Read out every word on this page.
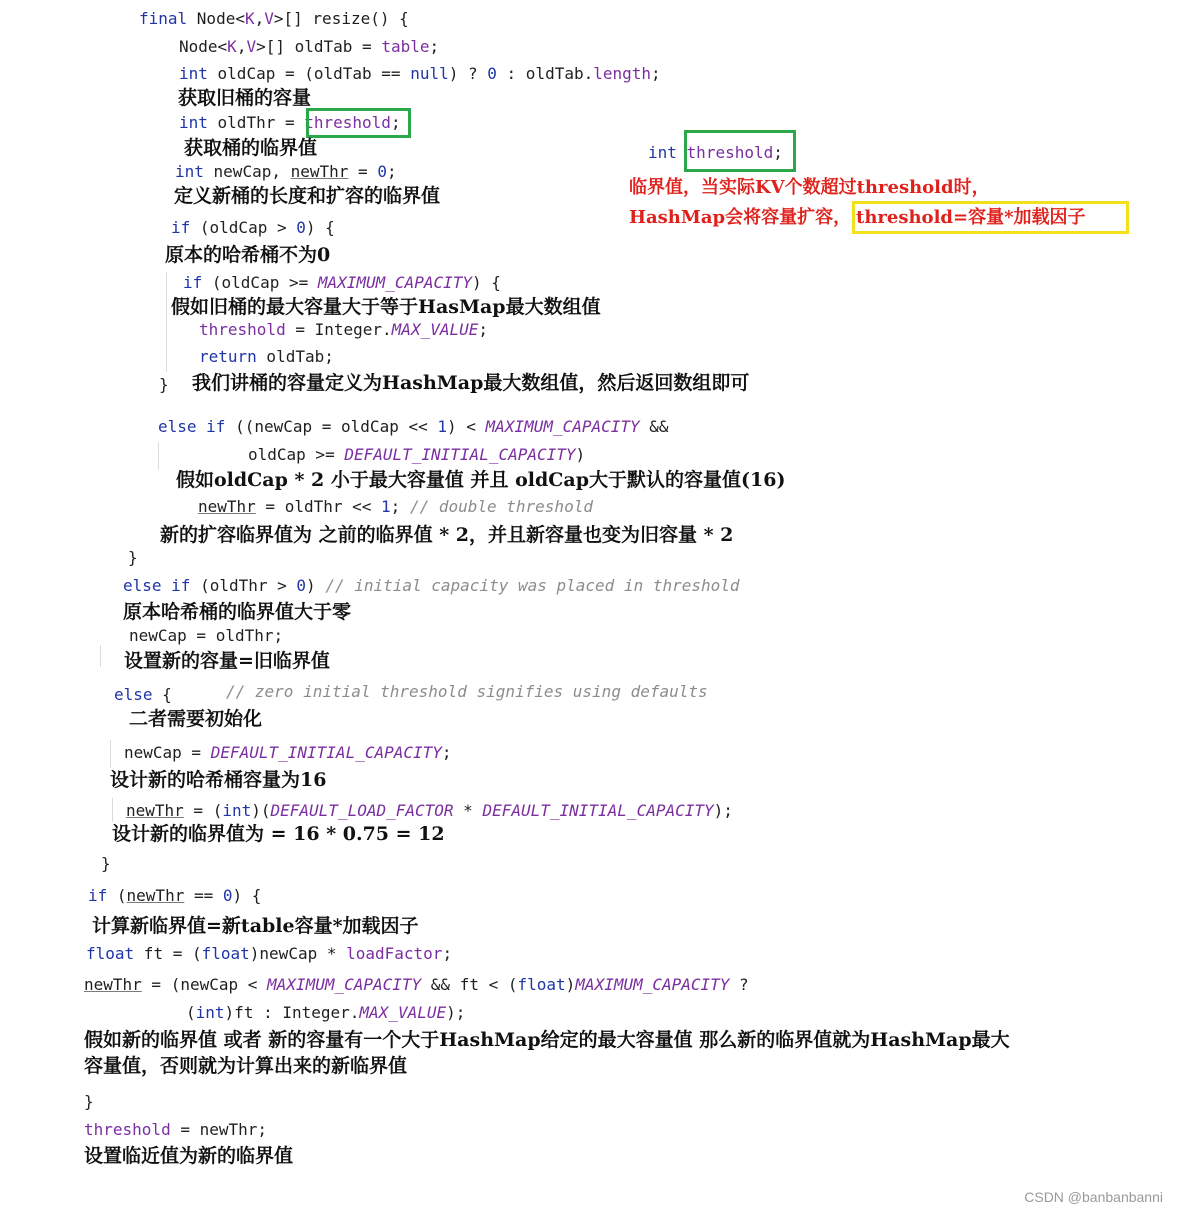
final Node<K,V>[] resize() {
Node<K,V>[] oldTab = table;
int oldCap = (oldTab == null) ? 0 : oldTab.length;
获取旧桶的容量
int oldThr = threshold;
获取桶的临界值
int newCap, newThr = 0;
定义新桶的长度和扩容的临界值
int threshold;
临界值，当实际KV个数超过threshold时，
HashMap会将容量扩容， threshold=容量*加载因子
if (oldCap > 0) {
原本的哈希桶不为0
if (oldCap >= MAXIMUM_CAPACITY) {
假如旧桶的最大容量大于等于HasMap最大数组值
threshold = Integer.MAX_VALUE;
return oldTab;
} 我们讲桶的容量定义为HashMap最大数组值，然后返回数组即可
else if ((newCap = oldCap << 1) < MAXIMUM_CAPACITY &&
oldCap >= DEFAULT_INITIAL_CAPACITY)
假如oldCap * 2 小于最大容量值 并且 oldCap大于默认的容量值(16)
newThr = oldThr << 1; // double threshold
新的扩容临界值为 之前的临界值 * 2，并且新容量也变为旧容量 * 2
}
else if (oldThr > 0) // initial capacity was placed in threshold
原本哈希桶的临界值大于零
newCap = oldThr;
设置新的容量=旧临界值
else {	// zero initial threshold signifies using defaults
二者需要初始化
newCap = DEFAULT_INITIAL_CAPACITY;
设计新的哈希桶容量为16
newThr = (int)(DEFAULT_LOAD_FACTOR * DEFAULT_INITIAL_CAPACITY);
设计新的临界值为 = 16 * 0.75 = 12
}
if (newThr == 0) {
计算新临界值=新table容量*加载因子
float ft = (float)newCap * loadFactor;
newThr = (newCap < MAXIMUM_CAPACITY && ft < (float)MAXIMUM_CAPACITY ?
(int)ft : Integer.MAX_VALUE);
假如新的临界值 或者 新的容量有一个大于HashMap给定的最大容量值 那么新的临界值就为HashMap最大
容量值，否则就为计算出来的新临界值
}
threshold = newThr;
设置临近值为新的临界值
CSDN @banbanbanni
